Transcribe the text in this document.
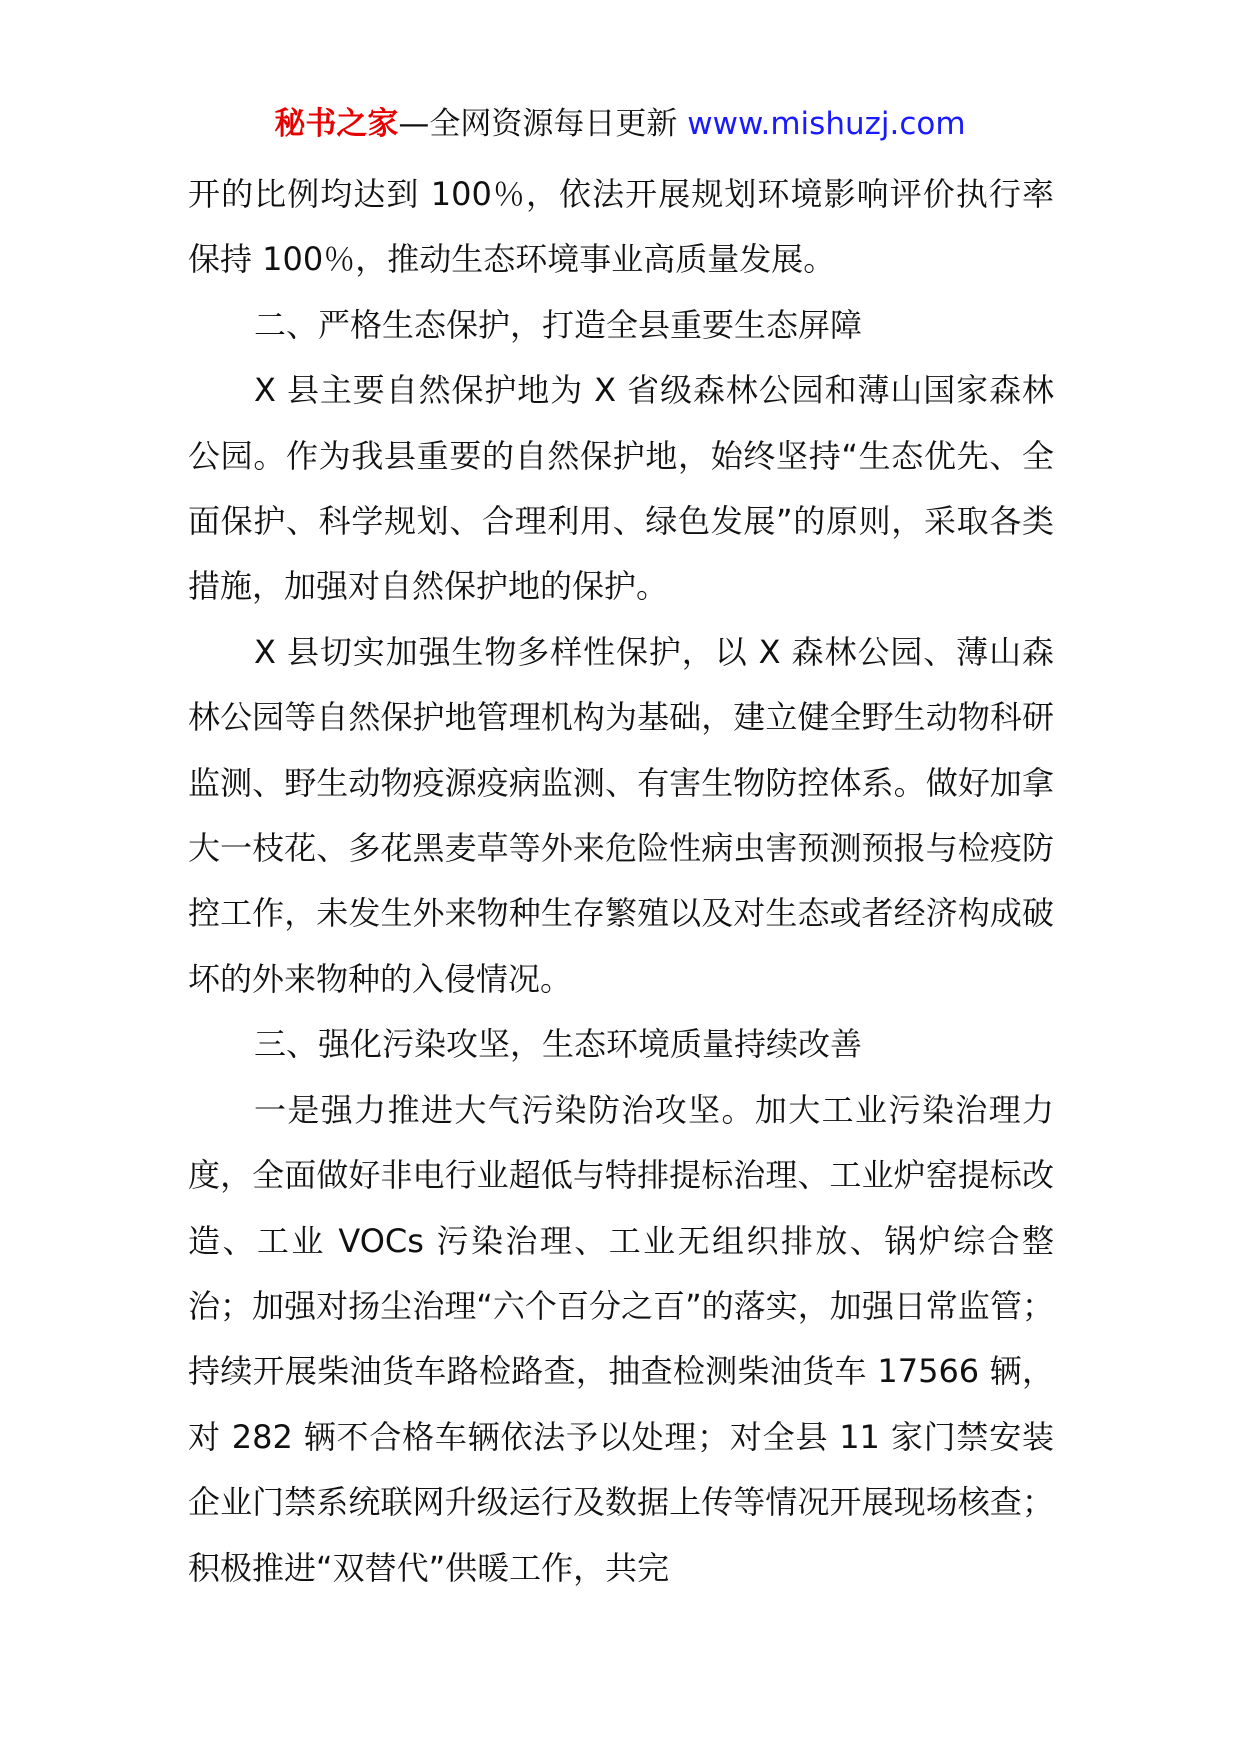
秘书之家—全网资源每日更新 www.mishuzj.com

开的比例均达到 100％，依法开展规划环境影响评价执行率保持 100％，推动生态环境事业高质量发展。

二、严格生态保护，打造全县重要生态屏障

X 县主要自然保护地为 X 省级森林公园和薄山国家森林公园。作为我县重要的自然保护地，始终坚持“生态优先、全面保护、科学规划、合理利用、绿色发展”的原则，采取各类措施，加强对自然保护地的保护。

X 县切实加强生物多样性保护，以 X 森林公园、薄山森林公园等自然保护地管理机构为基础，建立健全野生动物科研监测、野生动物疫源疫病监测、有害生物防控体系。做好加拿大一枝花、多花黑麦草等外来危险性病虫害预测预报与检疫防控工作，未发生外来物种生存繁殖以及对生态或者经济构成破坏的外来物种的入侵情况。

三、强化污染攻坚，生态环境质量持续改善

一是强力推进大气污染防治攻坚。加大工业污染治理力度，全面做好非电行业超低与特排提标治理、工业炉窑提标改造、工业 VOCs 污染治理、工业无组织排放、锅炉综合整治；加强对扬尘治理“六个百分之百”的落实，加强日常监管；持续开展柴油货车路检路查，抽查检测柴油货车 17566 辆，对 282 辆不合格车辆依法予以处理；对全县 11 家门禁安装企业门禁系统联网升级运行及数据上传等情况开展现场核查；积极推进“双替代”供暖工作，共完
